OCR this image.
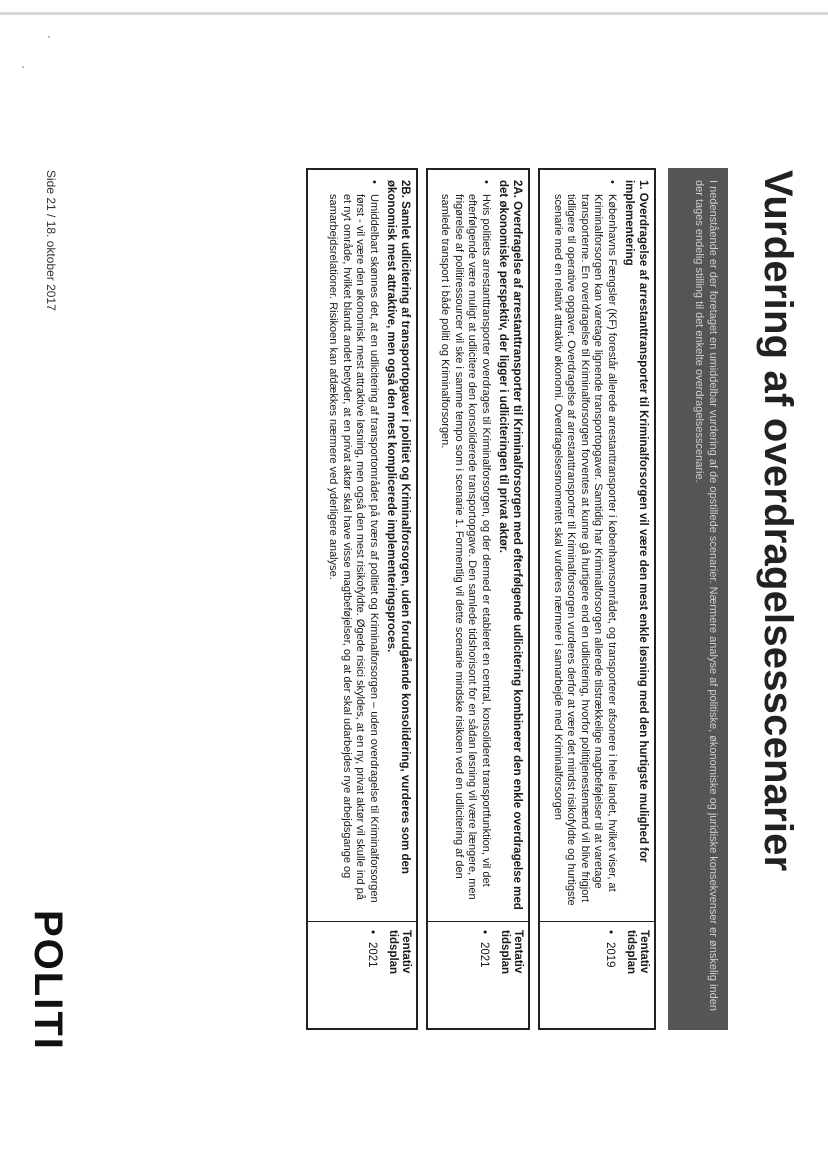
Vurdering af overdragelsesscenarier
I nedenstående er der foretaget en umiddelbar vurdering af de opstillede scenarier. Nærmere analyse af politiske, økonomiske og juridiske konsekvenser er ønskelig inden der tages endelig stilling til det enkelte overdragelsesscenarie.
1. Overdragelse af arrestanttransporter til Kriminalforsorgen vil være den mest enkle løsning med den hurtigste mulighed for implementering
•
Københavns Fængsler (KF) forestår allerede arrestanttransporter i københavnsområdet, og transporterer afsonere i hele landet, hvilket viser, at Kriminalforsorgen kan varetage lignende transportopgaver. Samtidig har Kriminalforsorgen allerede tilstrækkelige magtbeføjelser til at varetage transporterne. En overdragelse til Kriminalforsorgen forventes at kunne gå hurtigere end en udlicitering, hvorfor polititjenestemænd vil blive frigjort tidligere til operative opgaver. Overdragelse af arrestanttransporter til Kriminalforsorgen vurderes derfor at være det mindst risikofyldte og hurtigste scenarie med en relativt attraktiv økonomi. Overdragelsesmomentet skal vurderes nærmere i samarbejde med Kriminalforsorgen
Tentativ tidsplan
•
2019
2A. Overdragelse af arrestanttransporter til Kriminalforsorgen med efterfølgende udlicitering kombinerer den enkle overdragelse med det økonomiske perspektiv, der ligger i udliciteringen til privat aktør.
•
Hvis politiets arrestanttransporter overdrages til Kriminalforsorgen, og der dermed er etableret en central, konsolideret transportfunktion, vil det efterfølgende være muligt at udlicitere den konsoliderede transportopgave. Den samlede tidshorisont for en sådan løsning vil være længere, men frigørelse af politiressourcer vil ske i samme tempo som i scenarie 1. Formentlig vil dette scenarie mindske risikoen ved en udlicitering af den samlede transport i både politi og Kriminalforsorgen.
Tentativ tidsplan
•
2021
2B. Samlet udlicitering af transportopgaver i politiet og Kriminalforsorgen, uden forudgående konsolidering, vurderes som den økonomisk mest attraktive, men også den mest komplicerede implementeringsproces.
•
Umiddelbart skønnes det, at en udlicitering af transportområdet på tværs af politiet og Kriminalforsorgen – uden overdragelse til Kriminalforsorgen først - vil være den økonomisk mest attraktive løsning, men også den mest risikofyldte. Øgede risici skyldes, at en ny, privat aktør vil skulle ind på et nyt område, hvilket blandt andet betyder, at en privat aktør skal have visse magtbeføjelser, og at der skal udarbejdes nye arbejdsgange og samarbejdsrelationer. Risikoen kan afdækkes nærmere ved yderligere analyse.
Tentativ tidsplan
•
2021
Side 21 / 18. oktober 2017
POLITI
